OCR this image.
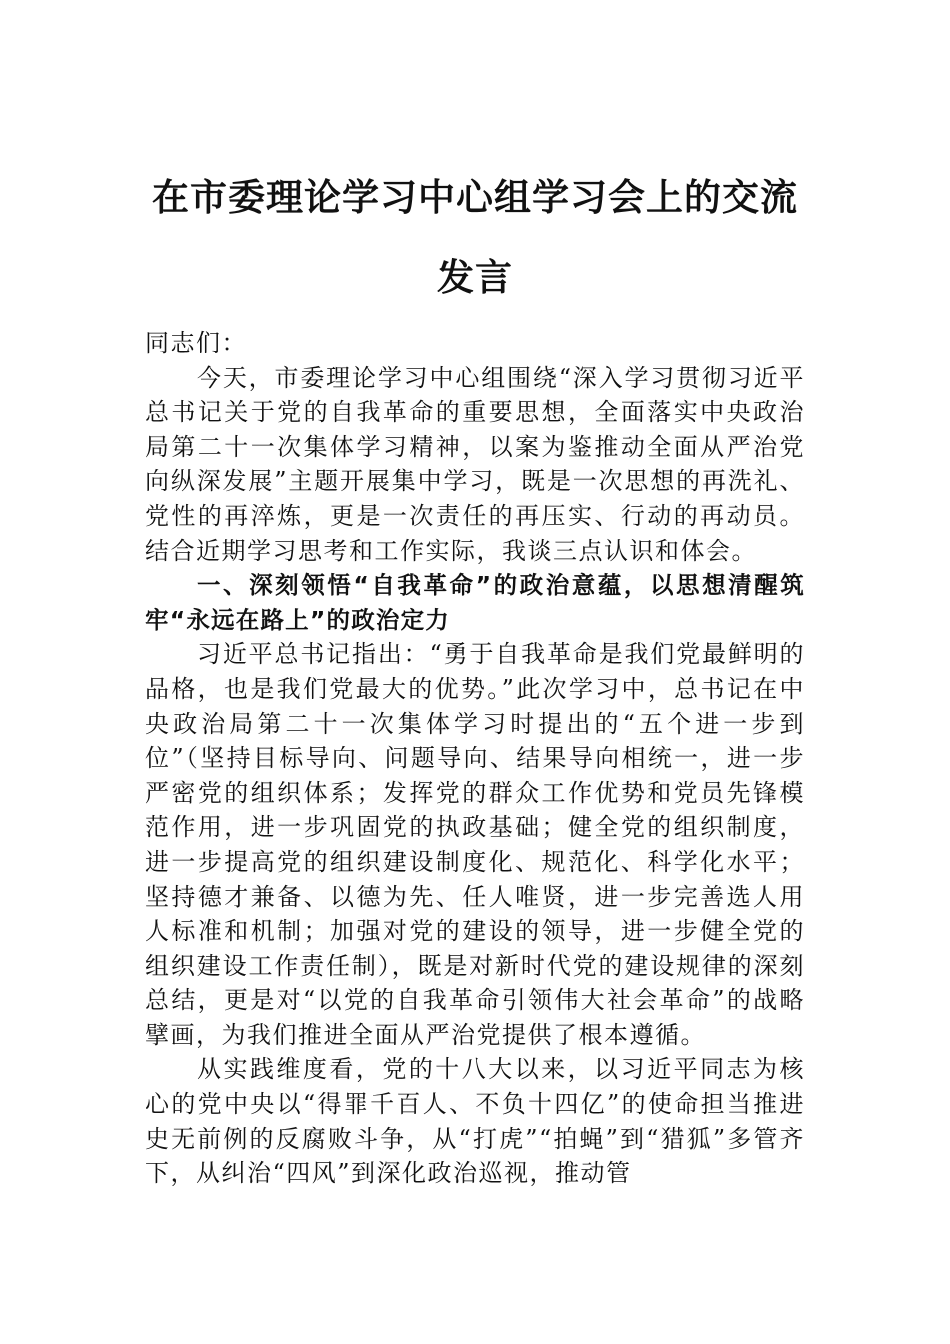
在市委理论学习中心组学习会上的交流发言

同志们：

今天，市委理论学习中心组围绕“深入学习贯彻习近平总书记关于党的自我革命的重要思想，全面落实中央政治局第二十一次集体学习精神，以案为鉴推动全面从严治党向纵深发展”主题开展集中学习，既是一次思想的再洗礼、党性的再淬炼，更是一次责任的再压实、行动的再动员。结合近期学习思考和工作实际，我谈三点认识和体会。

一、深刻领悟“自我革命”的政治意蕴，以思想清醒筑牢“永远在路上”的政治定力

习近平总书记指出：“勇于自我革命是我们党最鲜明的品格，也是我们党最大的优势。”此次学习中，总书记在中央政治局第二十一次集体学习时提出的“五个进一步到位”（坚持目标导向、问题导向、结果导向相统一，进一步严密党的组织体系；发挥党的群众工作优势和党员先锋模范作用，进一步巩固党的执政基础；健全党的组织制度，进一步提高党的组织建设制度化、规范化、科学化水平；坚持德才兼备、以德为先、任人唯贤，进一步完善选人用人标准和机制；加强对党的建设的领导，进一步健全党的组织建设工作责任制），既是对新时代党的建设规律的深刻总结，更是对“以党的自我革命引领伟大社会革命”的战略擘画，为我们推进全面从严治党提供了根本遵循。

从实践维度看，党的十八大以来，以习近平同志为核心的党中央以“得罪千百人、不负十四亿”的使命担当推进史无前例的反腐败斗争，从“打虎”“拍蝇”到“猎狐”多管齐下，从纠治“四风”到深化政治巡视，推动管
